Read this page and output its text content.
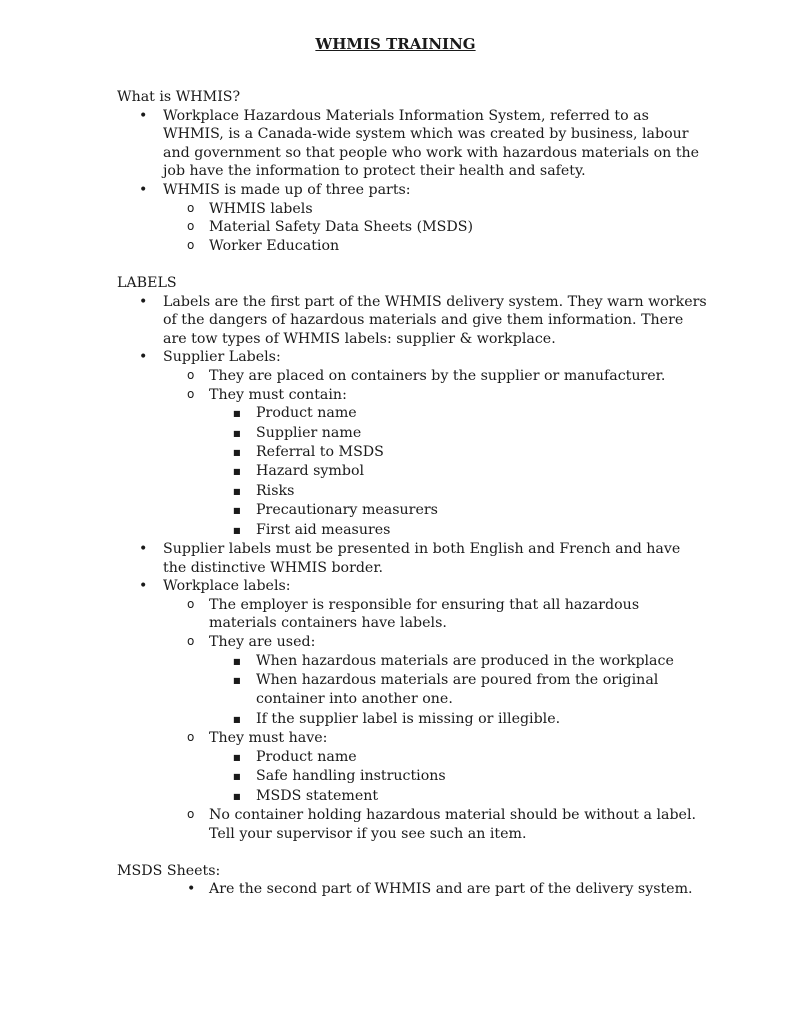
WHMIS TRAINING
What is WHMIS?
• Workplace Hazardous Materials Information System, referred to as
WHMIS, is a Canada-wide system which was created by business, labour
and government so that people who work with hazardous materials on the
job have the information to protect their health and safety.
• WHMIS is made up of three parts:
o WHMIS labels
o Material Safety Data Sheets (MSDS)
o Worker Education
LABELS
• Labels are the first part of the WHMIS delivery system. They warn workers
of the dangers of hazardous materials and give them information. There
are tow types of WHMIS labels: supplier & workplace.
• Supplier Labels:
o They are placed on containers by the supplier or manufacturer.
o They must contain:
■ Product name
■ Supplier name
■ Referral to MSDS
■ Hazard symbol
■ Risks
■ Precautionary measurers
■ First aid measures
• Supplier labels must be presented in both English and French and have
the distinctive WHMIS border.
• Workplace labels:
o The employer is responsible for ensuring that all hazardous
materials containers have labels.
o They are used:
■ When hazardous materials are produced in the workplace
■ When hazardous materials are poured from the original
container into another one.
■ If the supplier label is missing or illegible.
o They must have:
■ Product name
■ Safe handling instructions
■ MSDS statement
o No container holding hazardous material should be without a label.
Tell your supervisor if you see such an item.
MSDS Sheets:
• Are the second part of WHMIS and are part of the delivery system.
